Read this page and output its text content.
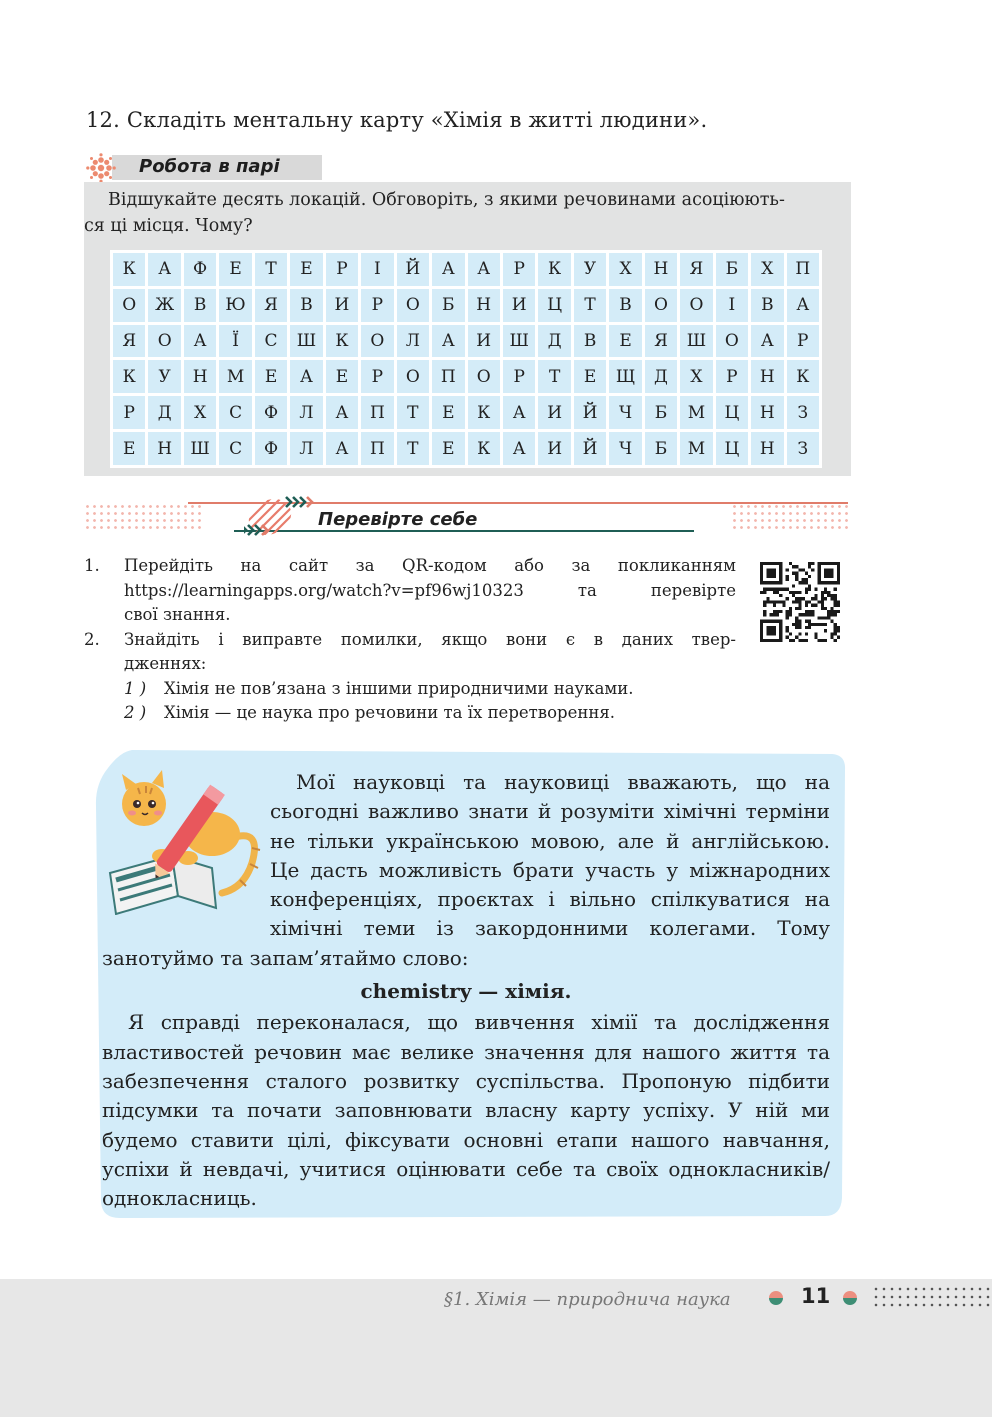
12. Складіть ментальну карту «Хімія в житті людини».
Робота в парі
Відшукайте десять локацій. Обговоріть, з якими речовинами асоціюють-
ся ці місця. Чому?
К	А	Ф	Е	Т	Е	Р	І	Й	А	А	Р	К	У	Х	Н	Я	Б	Х	П
О	Ж	В	Ю	Я	В	И	Р	О	Б	Н	И	Ц	Т	В	О	О	І	В	А
Я	О	А	Ї	С	Ш	К	О	Л	А	И	Ш	Д	В	Е	Я	Ш	О	А	Р
К	У	Н	М	Е	А	Е	Р	О	П	О	Р	Т	Е	Щ	Д	Х	Р	Н	К
Р	Д	Х	С	Ф	Л	А	П	Т	Е	К	А	И	Й	Ч	Б	М	Ц	Н	З
Е	Н	Ш	С	Ф	Л	А	П	Т	Е	К	А	И	Й	Ч	Б	М	Ц	Н	З
Перевірте себе
1. Перейдіть на сайт за QR-кодом або за покликанням
https://learningapps.org/watch?v=pf96wj10323 та перевірте
свої знання.
2. Знайдіть і виправте помилки, якщо вони є в даних твер-
дженнях:
1 ) Хімія не пов’язана з іншими природничими науками.
2 ) Хімія — це наука про речовини та їх перетворення.

Мої науковці та науковиці вважають, що на сьогодні важливо знати й розуміти хімічні терміни не тільки українською мовою, але й англійською. Це дасть можливість брати участь у міжнародних конференціях, проєктах і вільно спілкуватися на хімічні теми із закордонними колегами. Тому занотуймо та запам’ятаймо слово:

chemistry — хімія.

Я справді переконалася, що вивчення хімії та дослідження властивостей речовин має велике значення для нашого життя та забезпечення сталого розвитку суспільства. Пропоную підбити підсумки та почати заповнювати власну карту успіху. У ній ми будемо ставити цілі, фіксувати основні етапи нашого навчання, успіхи й невдачі, учитися оцінювати себе та своїх однокласників/однокласниць.

§1. Хімія — природнича наука	11
